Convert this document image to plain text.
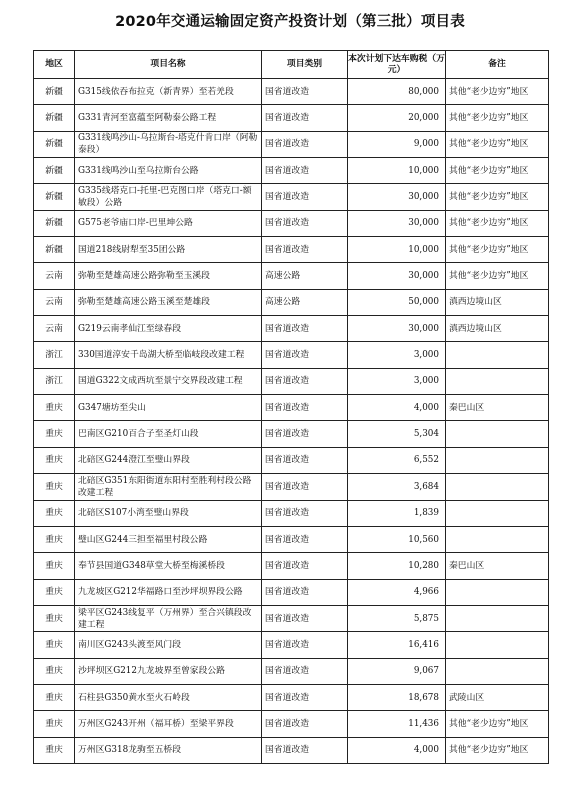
2020年交通运输固定资产投资计划（第三批）项目表
地区	项目名称	项目类别	本次计划下达车购税（万元）	备注
新疆	G315线依吞布拉克（新青界）至若羌段	国省道改造	80,000	其他“老少边穷”地区
新疆	G331青河至富蕴至阿勒泰公路工程	国省道改造	20,000	其他“老少边穷”地区
新疆	G331线鸣沙山-乌拉斯台-塔克什肯口岸（阿勒泰段）	国省道改造	9,000	其他“老少边穷”地区
新疆	G331线鸣沙山至乌拉斯台公路	国省道改造	10,000	其他“老少边穷”地区
新疆	G335线塔克口-托里-巴克图口岸（塔克口-额敏段）公路	国省道改造	30,000	其他“老少边穷”地区
新疆	G575老爷庙口岸-巴里坤公路	国省道改造	30,000	其他“老少边穷”地区
新疆	国道218线尉犁至35团公路	国省道改造	10,000	其他“老少边穷”地区
云南	弥勒至楚雄高速公路弥勒至玉溪段	高速公路	30,000	其他“老少边穷”地区
云南	弥勒至楚雄高速公路玉溪至楚雄段	高速公路	50,000	滇西边境山区
云南	G219云南孝仙江至绿春段	国省道改造	30,000	滇西边境山区
浙江	330国道淳安千岛湖大桥至临岐段改建工程	国省道改造	3,000	
浙江	国道G322文成西坑至景宁交界段改建工程	国省道改造	3,000	
重庆	G347塘坊至尖山	国省道改造	4,000	秦巴山区
重庆	巴南区G210百合子至圣灯山段	国省道改造	5,304	
重庆	北碚区G244澄江至璧山界段	国省道改造	6,552	
重庆	北碚区G351东阳街道东阳村至胜利村段公路改建工程	国省道改造	3,684	
重庆	北碚区S107小湾至璧山界段	国省道改造	1,839	
重庆	璧山区G244三担至福里村段公路	国省道改造	10,560	
重庆	奉节县国道G348草堂大桥至梅溪桥段	国省道改造	10,280	秦巴山区
重庆	九龙坡区G212华福路口至沙坪坝界段公路	国省道改造	4,966	
重庆	梁平区G243线复平（万州界）至合兴镇段改建工程	国省道改造	5,875	
重庆	南川区G243头渡至风门段	国省道改造	16,416	
重庆	沙坪坝区G212九龙坡界至曾家段公路	国省道改造	9,067	
重庆	石柱县G350黄水至火石岭段	国省道改造	18,678	武陵山区
重庆	万州区G243开州（福耳桥）至梁平界段	国省道改造	11,436	其他“老少边穷”地区
重庆	万州区G318龙驹至五桥段	国省道改造	4,000	其他“老少边穷”地区
